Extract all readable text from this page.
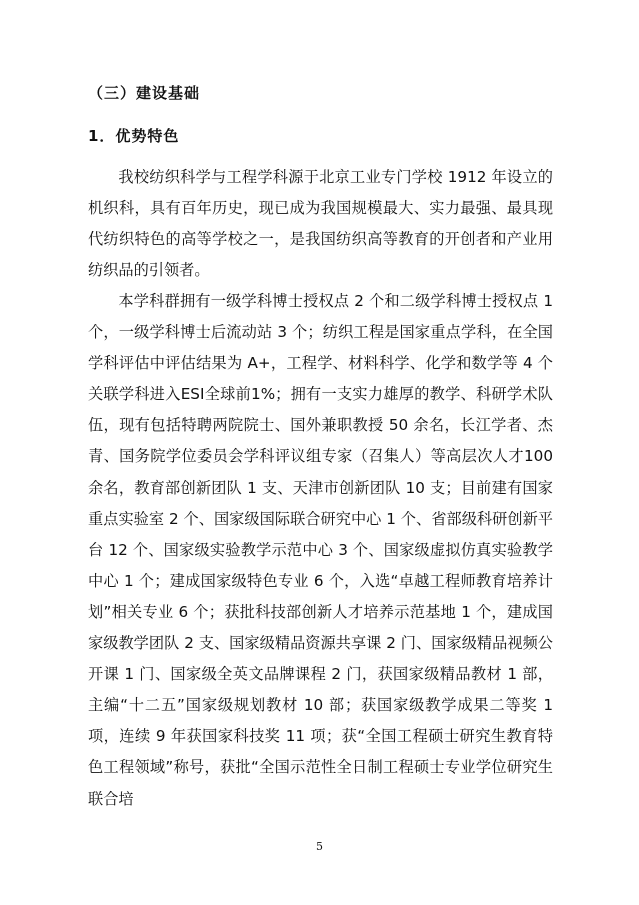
（三）建设基础
1．优势特色

我校纺织科学与工程学科源于北京工业专门学校 1912 年设立的机织科，具有百年历史，现已成为我国规模最大、实力最强、最具现代纺织特色的高等学校之一，是我国纺织高等教育的开创者和产业用纺织品的引领者。

本学科群拥有一级学科博士授权点 2 个和二级学科博士授权点 1 个，一级学科博士后流动站 3 个；纺织工程是国家重点学科，在全国学科评估中评估结果为 A+，工程学、材料科学、化学和数学等 4 个关联学科进入ESI全球前1%；拥有一支实力雄厚的教学、科研学术队伍，现有包括特聘两院院士、国外兼职教授 50 余名，长江学者、杰青、国务院学位委员会学科评议组专家（召集人）等高层次人才100余名，教育部创新团队 1 支、天津市创新团队 10 支；目前建有国家重点实验室 2 个、国家级国际联合研究中心 1 个、省部级科研创新平台 12 个、国家级实验教学示范中心 3 个、国家级虚拟仿真实验教学中心 1 个；建成国家级特色专业 6 个，入选“卓越工程师教育培养计划”相关专业 6 个；获批科技部创新人才培养示范基地 1 个，建成国家级教学团队 2 支、国家级精品资源共享课 2 门、国家级精品视频公开课 1 门、国家级全英文品牌课程 2 门，获国家级精品教材 1 部，主编“十二五”国家级规划教材 10 部；获国家级教学成果二等奖 1 项，连续 9 年获国家科技奖 11 项；获“全国工程硕士研究生教育特色工程领域”称号，获批“全国示范性全日制工程硕士专业学位研究生联合培

5
